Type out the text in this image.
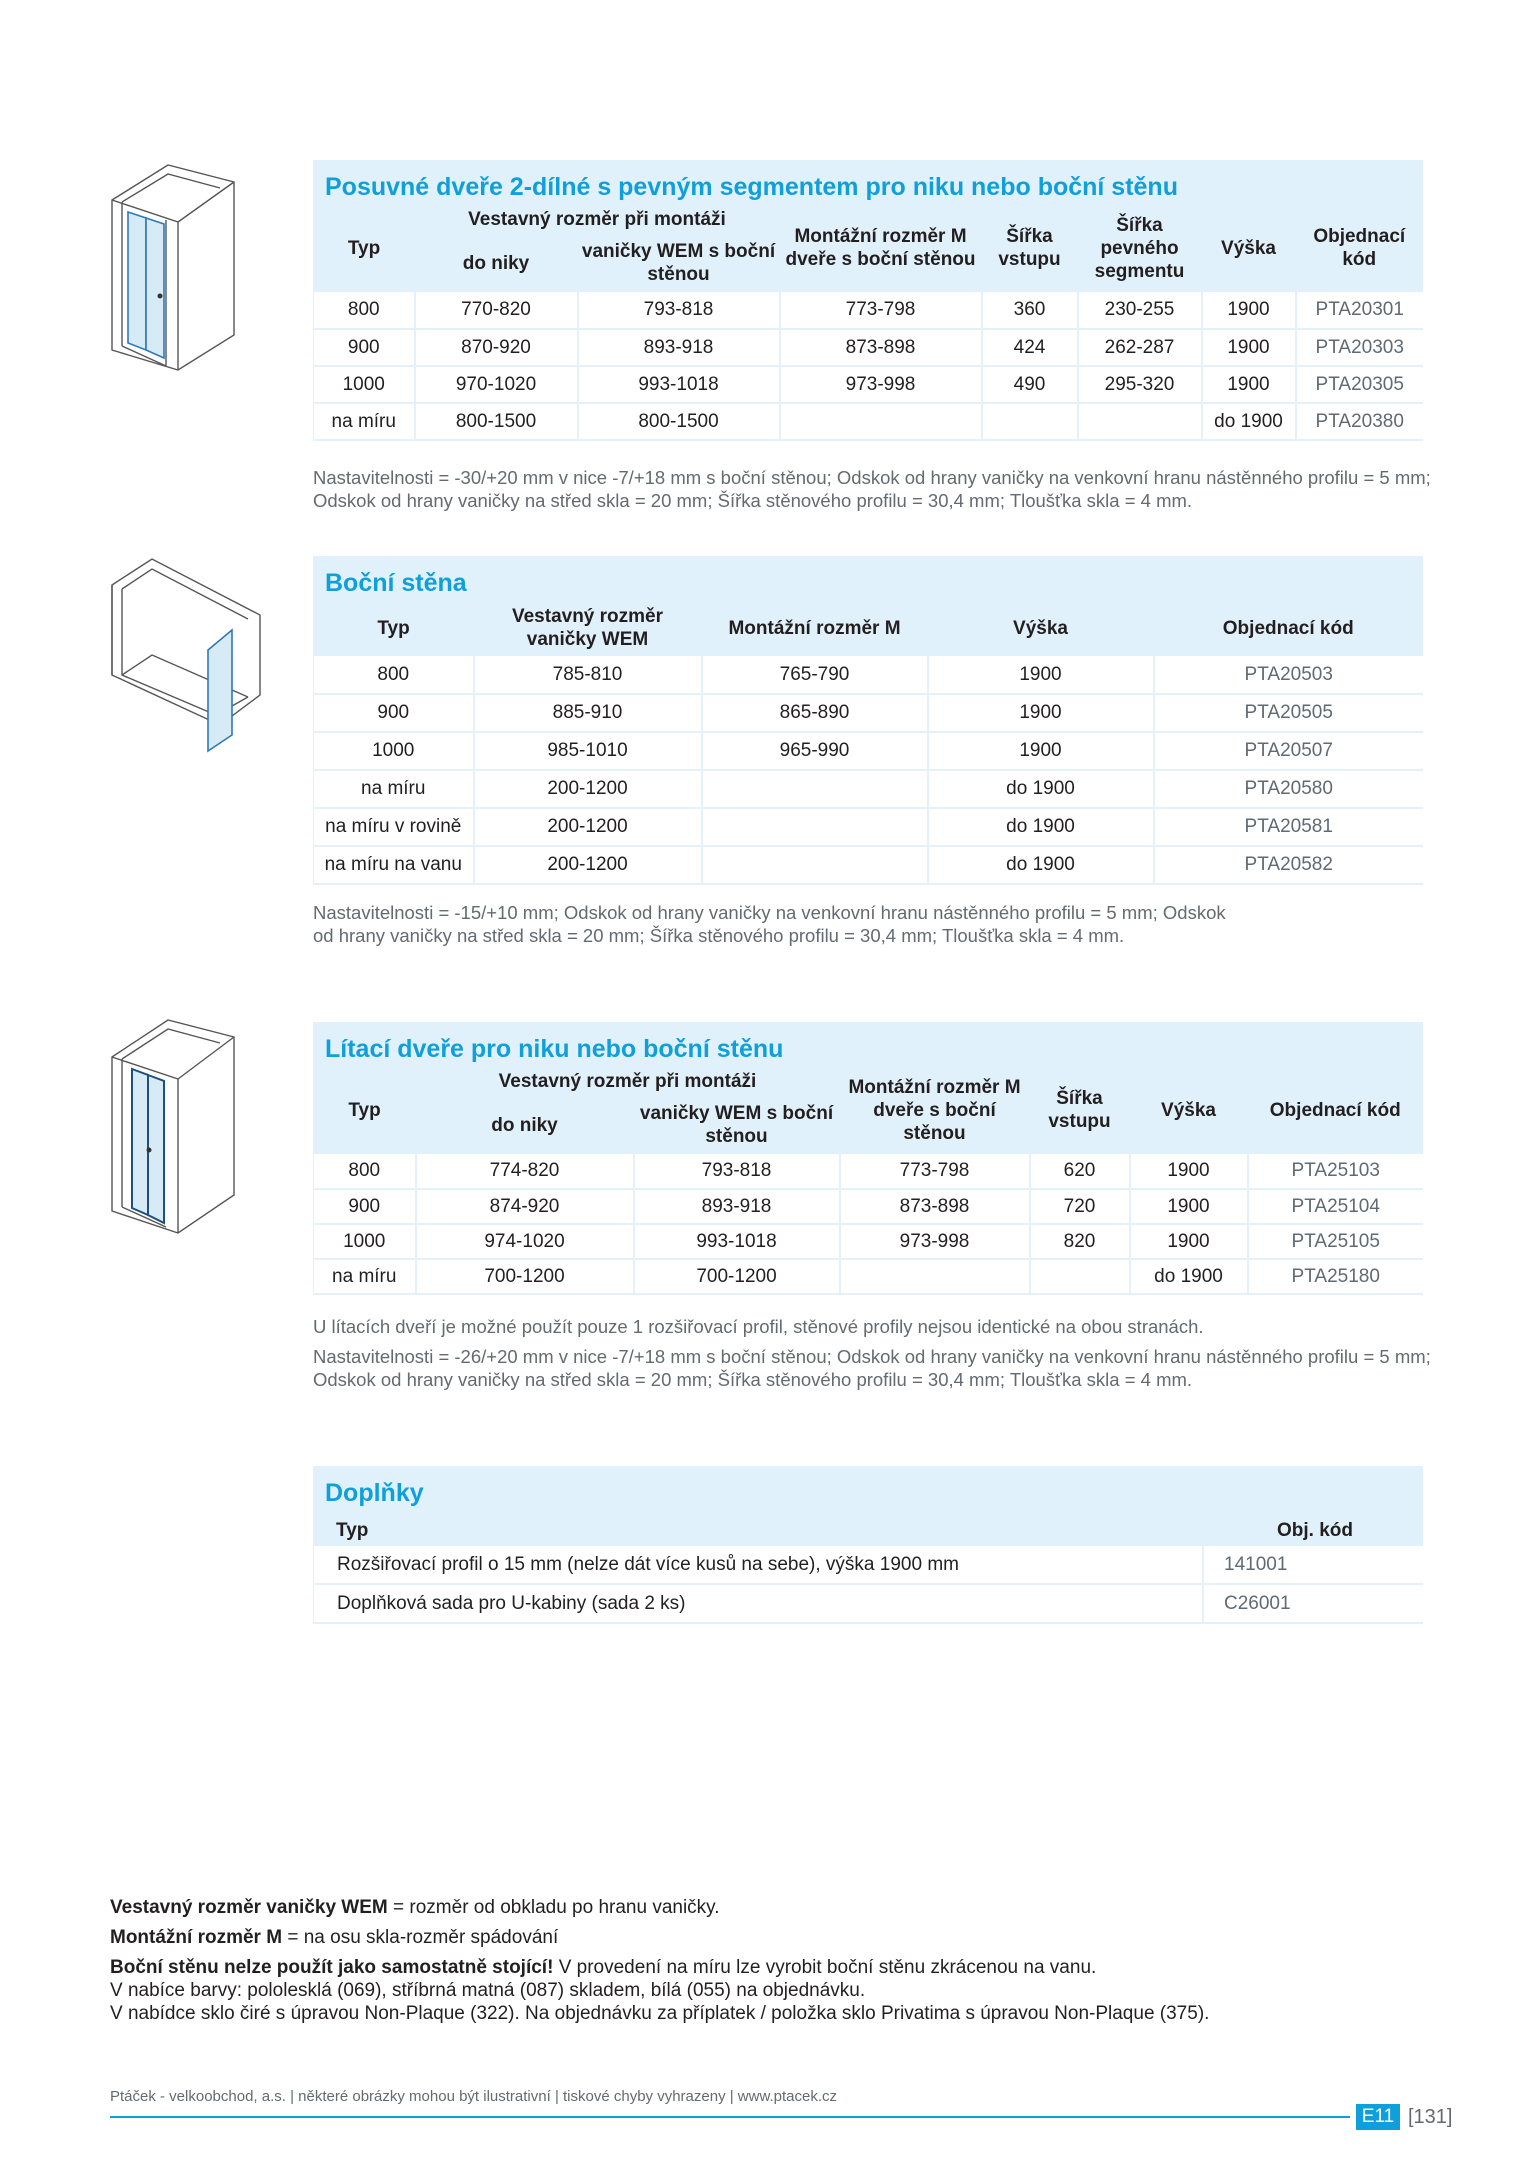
Posuvné dveře 2-dílné s pevným segmentem pro niku nebo boční stěnu
Typ	Vestavný rozměr při montáži		Montážní rozměr M dveře s boční stěnou	Šířka vstupu	Šířka pevného segmentu	Výška	Objednací kód
	do niky	vaničky WEM s boční stěnou					
800	770-820	793-818	773-798	360	230-255	1900	PTA20301
900	870-920	893-918	873-898	424	262-287	1900	PTA20303
1000	970-1020	993-1018	973-998	490	295-320	1900	PTA20305
na míru	800-1500	800-1500				do 1900	PTA20380
Nastavitelnosti = -30/+20 mm v nice -7/+18 mm s boční stěnou; Odskok od hrany vaničky na venkovní hranu nástěnného profilu = 5 mm; Odskok od hrany vaničky na střed skla = 20 mm; Šířka stěnového profilu = 30,4 mm; Tloušťka skla = 4 mm.
Boční stěna
Typ	Vestavný rozměr vaničky WEM	Montážní rozměr M	Výška	Objednací kód
800	785-810	765-790	1900	PTA20503
900	885-910	865-890	1900	PTA20505
1000	985-1010	965-990	1900	PTA20507
na míru	200-1200		do 1900	PTA20580
na míru v rovině	200-1200		do 1900	PTA20581
na míru na vanu	200-1200		do 1900	PTA20582
Nastavitelnosti = -15/+10 mm; Odskok od hrany vaničky na venkovní hranu nástěnného profilu = 5 mm; Odskok od hrany vaničky na střed skla = 20 mm; Šířka stěnového profilu = 30,4 mm; Tloušťka skla = 4 mm.
Lítací dveře pro niku nebo boční stěnu
Typ	Vestavný rozměr při montáži		Montážní rozměr M dveře s boční stěnou	Šířka vstupu	Výška	Objednací kód
	do niky	vaničky WEM s boční stěnou				
800	774-820	793-818	773-798	620	1900	PTA25103
900	874-920	893-918	873-898	720	1900	PTA25104
1000	974-1020	993-1018	973-998	820	1900	PTA25105
na míru	700-1200	700-1200			do 1900	PTA25180
U lítacích dveří je možné použít pouze 1 rozšiřovací profil, stěnové profily nejsou identické na obou stranách.
Nastavitelnosti = -26/+20 mm v nice -7/+18 mm s boční stěnou; Odskok od hrany vaničky na venkovní hranu nástěnného profilu = 5 mm; Odskok od hrany vaničky na střed skla = 20 mm; Šířka stěnového profilu = 30,4 mm; Tloušťka skla = 4 mm.
Doplňky
Typ	Obj. kód
Rozšiřovací profil o 15 mm (nelze dát více kusů na sebe), výška 1900 mm	141001
Doplňková sada pro U-kabiny (sada 2 ks)	C26001
Vestavný rozměr vaničky WEM = rozměr od obkladu po hranu vaničky.
Montážní rozměr M = na osu skla-rozměr spádování
Boční stěnu nelze použít jako samostatně stojící! V provedení na míru lze vyrobit boční stěnu zkrácenou na vanu.
V nabíce barvy: pololesklá (069), stříbrná matná (087) skladem, bílá (055) na objednávku.
V nabídce sklo čiré s úpravou Non-Plaque (322). Na objednávku za příplatek / položka sklo Privatima s úpravou Non-Plaque (375).
Ptáček - velkoobchod, a.s. | některé obrázky mohou být ilustrativní | tiskové chyby vyhrazeny | www.ptacek.cz
E11 [131]
